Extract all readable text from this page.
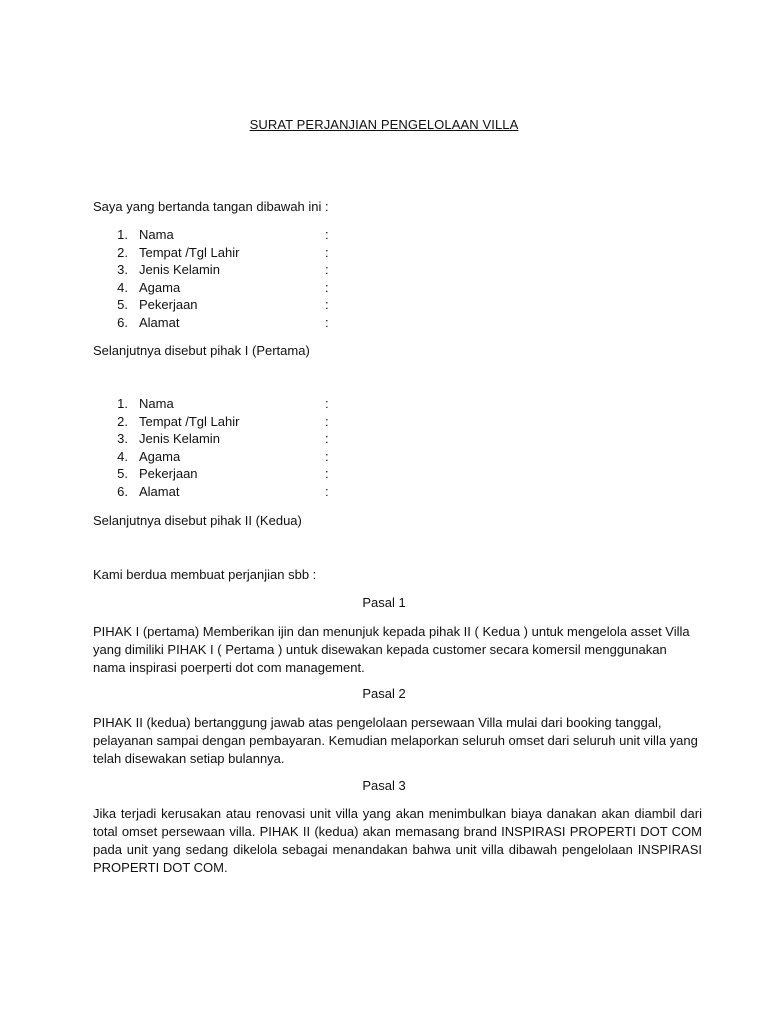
SURAT PERJANJIAN PENGELOLAAN VILLA
Saya yang bertanda tangan dibawah ini :
1. Nama	:
2. Tempat /Tgl Lahir	:
3. Jenis Kelamin	:
4. Agama	:
5. Pekerjaan	:
6. Alamat	:
Selanjutnya disebut pihak I (Pertama)
1. Nama	:
2. Tempat /Tgl Lahir	:
3. Jenis Kelamin	:
4. Agama	:
5. Pekerjaan	:
6. Alamat	:
Selanjutnya disebut pihak II (Kedua)
Kami berdua membuat perjanjian sbb :
Pasal 1
PIHAK I (pertama) Memberikan ijin dan menunjuk kepada pihak II ( Kedua ) untuk mengelola asset Villa yang dimiliki PIHAK I ( Pertama ) untuk disewakan kepada customer secara komersil menggunakan nama inspirasi poerperti dot com management.
Pasal 2
PIHAK II (kedua) bertanggung jawab atas pengelolaan persewaan Villa mulai dari booking tanggal, pelayanan sampai dengan pembayaran. Kemudian melaporkan seluruh omset dari seluruh unit villa yang telah disewakan setiap bulannya.
Pasal 3
Jika terjadi kerusakan atau renovasi unit villa yang akan menimbulkan biaya danakan akan diambil dari total omset persewaan villa. PIHAK II (kedua) akan memasang brand INSPIRASI PROPERTI DOT COM pada unit yang sedang dikelola sebagai menandakan bahwa unit villa dibawah pengelolaan INSPIRASI PROPERTI DOT COM.
